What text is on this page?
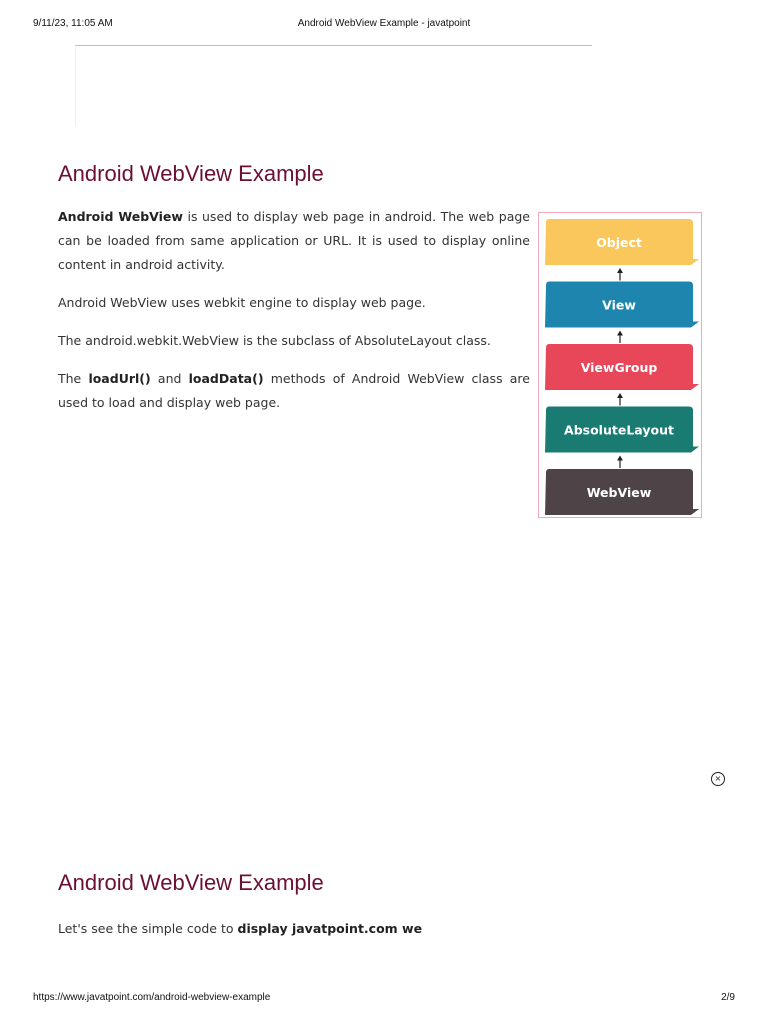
9/11/23, 11:05 AM	Android WebView Example - javatpoint
Android WebView Example

Android WebView is used to display web page in android. The web page can be loaded from same application or URL. It is used to display online content in android activity.

Android WebView uses webkit engine to display web page.

The android.webkit.WebView is the subclass of AbsoluteLayout class.

The loadUrl() and loadData() methods of Android WebView class are used to load and display web page.

Object
View
ViewGroup
AbsoluteLayout
WebView
×
Android WebView Example
Let's see the simple code to display javatpoint.com we
https://www.javatpoint.com/android-webview-example	2/9
